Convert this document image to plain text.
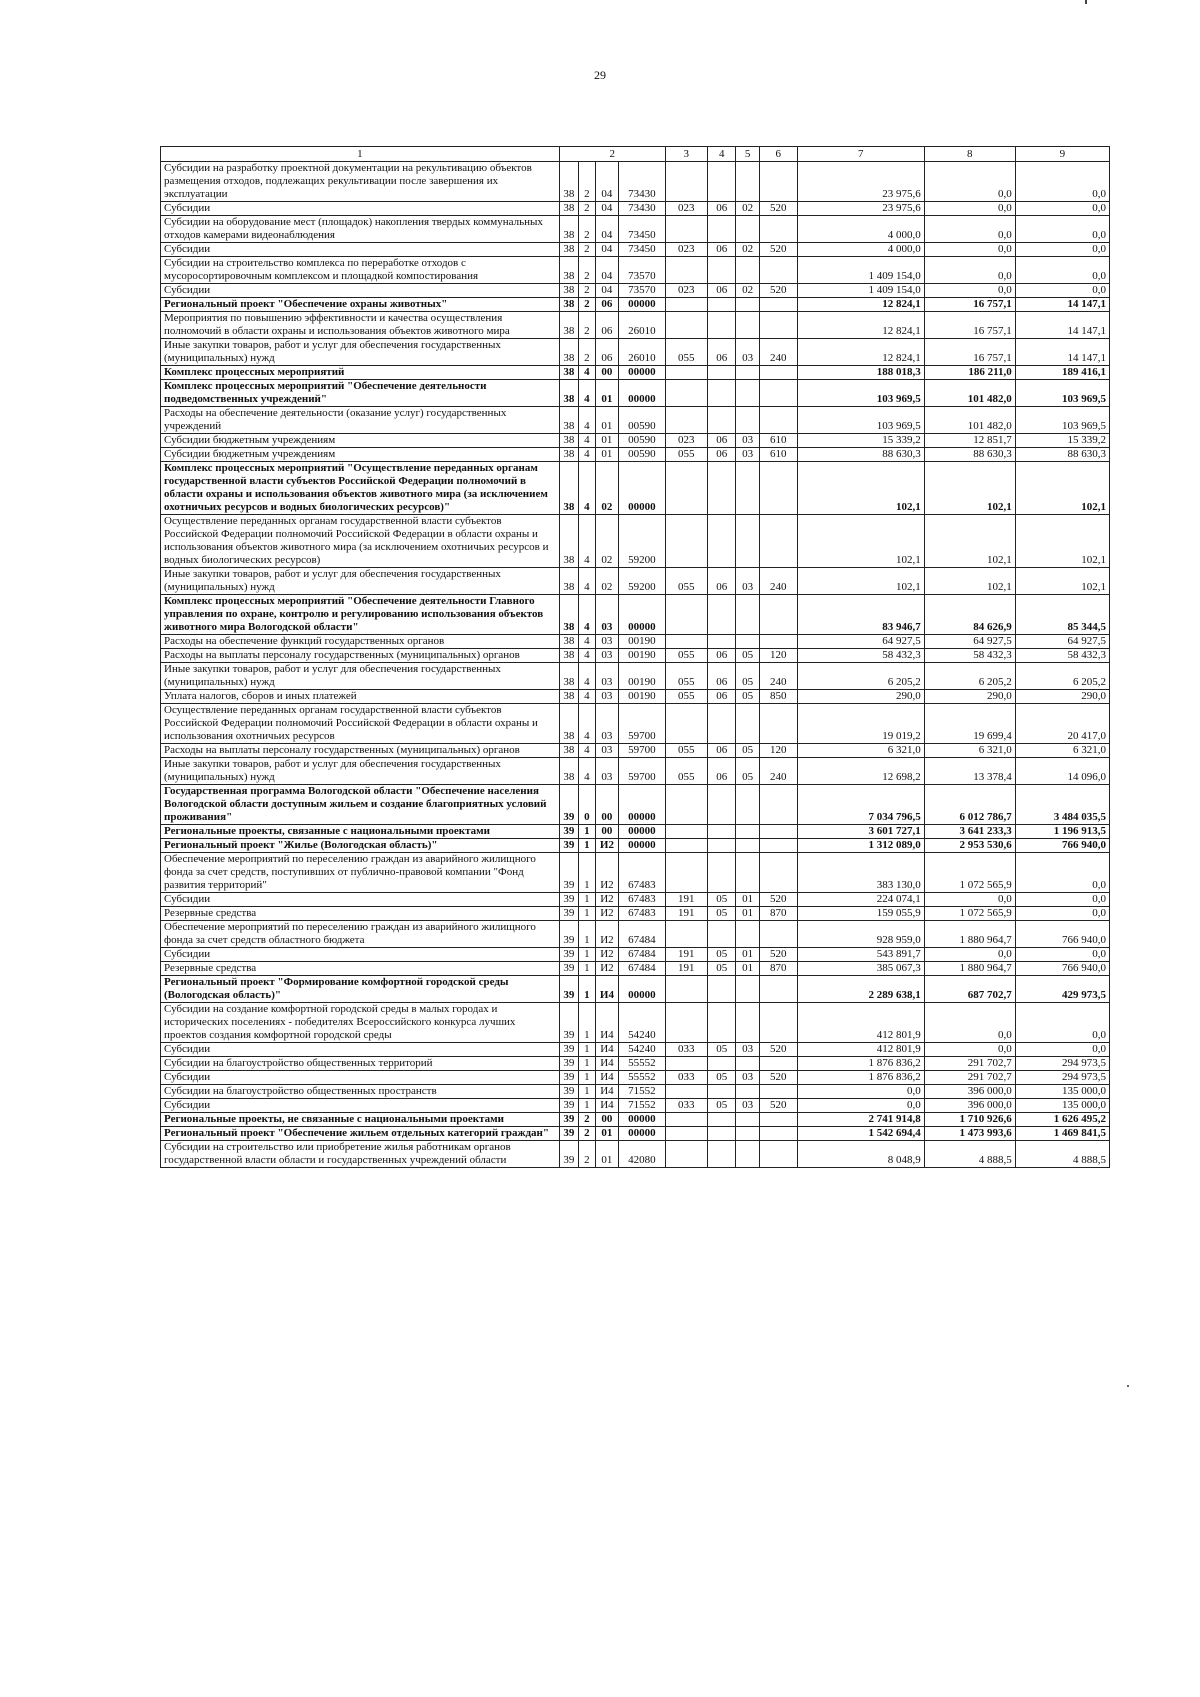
29
1	2				3	4	5	6	7	8	9
Субсидии на разработку проектной документации на рекультивацию объектов размещения отходов, подлежащих рекультивации после завершения их эксплуатации	38	2	04	73430					23 975,6	0,0	0,0
Субсидии	38	2	04	73430	023	06	02	520	23 975,6	0,0	0,0
Субсидии на оборудование мест (площадок) накопления твердых коммунальных отходов камерами видеонаблюдения	38	2	04	73450					4 000,0	0,0	0,0
Субсидии	38	2	04	73450	023	06	02	520	4 000,0	0,0	0,0
Субсидии на строительство комплекса по переработке отходов с мусоросортировочным комплексом и площадкой компостирования	38	2	04	73570					1 409 154,0	0,0	0,0
Субсидии	38	2	04	73570	023	06	02	520	1 409 154,0	0,0	0,0
Региональный проект "Обеспечение охраны животных"	38	2	06	00000					12 824,1	16 757,1	14 147,1
Мероприятия по повышению эффективности и качества осуществления полномочий в области охраны и использования объектов животного мира	38	2	06	26010					12 824,1	16 757,1	14 147,1
Иные закупки товаров, работ и услуг для обеспечения государственных (муниципальных) нужд	38	2	06	26010	055	06	03	240	12 824,1	16 757,1	14 147,1
Комплекс процессных мероприятий	38	4	00	00000					188 018,3	186 211,0	189 416,1
Комплекс процессных мероприятий "Обеспечение деятельности подведомственных учреждений"	38	4	01	00000					103 969,5	101 482,0	103 969,5
Расходы на обеспечение деятельности (оказание услуг) государственных учреждений	38	4	01	00590					103 969,5	101 482,0	103 969,5
Субсидии бюджетным учреждениям	38	4	01	00590	023	06	03	610	15 339,2	12 851,7	15 339,2
Субсидии бюджетным учреждениям	38	4	01	00590	055	06	03	610	88 630,3	88 630,3	88 630,3
Комплекс процессных мероприятий "Осуществление переданных органам государственной власти субъектов Российской Федерации полномочий в области охраны и использования объектов животного мира (за исключением охотничьих ресурсов и водных биологических ресурсов)"	38	4	02	00000					102,1	102,1	102,1
Осуществление переданных органам государственной власти субъектов Российской Федерации полномочий Российской Федерации в области охраны и использования объектов животного мира (за исключением охотничьих ресурсов и водных биологических ресурсов)	38	4	02	59200					102,1	102,1	102,1
Иные закупки товаров, работ и услуг для обеспечения государственных (муниципальных) нужд	38	4	02	59200	055	06	03	240	102,1	102,1	102,1
Комплекс процессных мероприятий "Обеспечение деятельности Главного управления по охране, контролю и регулированию использования объектов животного мира Вологодской области"	38	4	03	00000					83 946,7	84 626,9	85 344,5
Расходы на обеспечение функций государственных органов	38	4	03	00190					64 927,5	64 927,5	64 927,5
Расходы на выплаты персоналу государственных (муниципальных) органов	38	4	03	00190	055	06	05	120	58 432,3	58 432,3	58 432,3
Иные закупки товаров, работ и услуг для обеспечения государственных (муниципальных) нужд	38	4	03	00190	055	06	05	240	6 205,2	6 205,2	6 205,2
Уплата налогов, сборов и иных платежей	38	4	03	00190	055	06	05	850	290,0	290,0	290,0
Осуществление переданных органам государственной власти субъектов Российской Федерации полномочий Российской Федерации в области охраны и использования охотничьих ресурсов	38	4	03	59700					19 019,2	19 699,4	20 417,0
Расходы на выплаты персоналу государственных (муниципальных) органов	38	4	03	59700	055	06	05	120	6 321,0	6 321,0	6 321,0
Иные закупки товаров, работ и услуг для обеспечения государственных (муниципальных) нужд	38	4	03	59700	055	06	05	240	12 698,2	13 378,4	14 096,0
Государственная программа Вологодской области "Обеспечение населения Вологодской области доступным жильем и создание благоприятных условий проживания"	39	0	00	00000					7 034 796,5	6 012 786,7	3 484 035,5
Региональные проекты, связанные с национальными проектами	39	1	00	00000					3 601 727,1	3 641 233,3	1 196 913,5
Региональный проект "Жилье (Вологодская область)"	39	1	И2	00000					1 312 089,0	2 953 530,6	766 940,0
Обеспечение мероприятий по переселению граждан из аварийного жилищного фонда за счет средств, поступивших от публично-правовой компании "Фонд развития территорий"	39	1	И2	67483					383 130,0	1 072 565,9	0,0
Субсидии	39	1	И2	67483	191	05	01	520	224 074,1	0,0	0,0
Резервные средства	39	1	И2	67483	191	05	01	870	159 055,9	1 072 565,9	0,0
Обеспечение мероприятий по переселению граждан из аварийного жилищного фонда за счет средств областного бюджета	39	1	И2	67484					928 959,0	1 880 964,7	766 940,0
Субсидии	39	1	И2	67484	191	05	01	520	543 891,7	0,0	0,0
Резервные средства	39	1	И2	67484	191	05	01	870	385 067,3	1 880 964,7	766 940,0
Региональный проект "Формирование комфортной городской среды (Вологодская область)"	39	1	И4	00000					2 289 638,1	687 702,7	429 973,5
Субсидии на создание комфортной городской среды в малых городах и исторических поселениях - победителях Всероссийского конкурса лучших проектов создания комфортной городской среды	39	1	И4	54240					412 801,9	0,0	0,0
Субсидии	39	1	И4	54240	033	05	03	520	412 801,9	0,0	0,0
Субсидии на благоустройство общественных территорий	39	1	И4	55552					1 876 836,2	291 702,7	294 973,5
Субсидии	39	1	И4	55552	033	05	03	520	1 876 836,2	291 702,7	294 973,5
Субсидии на благоустройство общественных пространств	39	1	И4	71552					0,0	396 000,0	135 000,0
Субсидии	39	1	И4	71552	033	05	03	520	0,0	396 000,0	135 000,0
Региональные проекты, не связанные с национальными проектами	39	2	00	00000					2 741 914,8	1 710 926,6	1 626 495,2
Региональный проект "Обеспечение жильем отдельных категорий граждан"	39	2	01	00000					1 542 694,4	1 473 993,6	1 469 841,5
Субсидии на строительство или приобретение жилья работникам органов государственной власти области и государственных учреждений области	39	2	01	42080					8 048,9	4 888,5	4 888,5
